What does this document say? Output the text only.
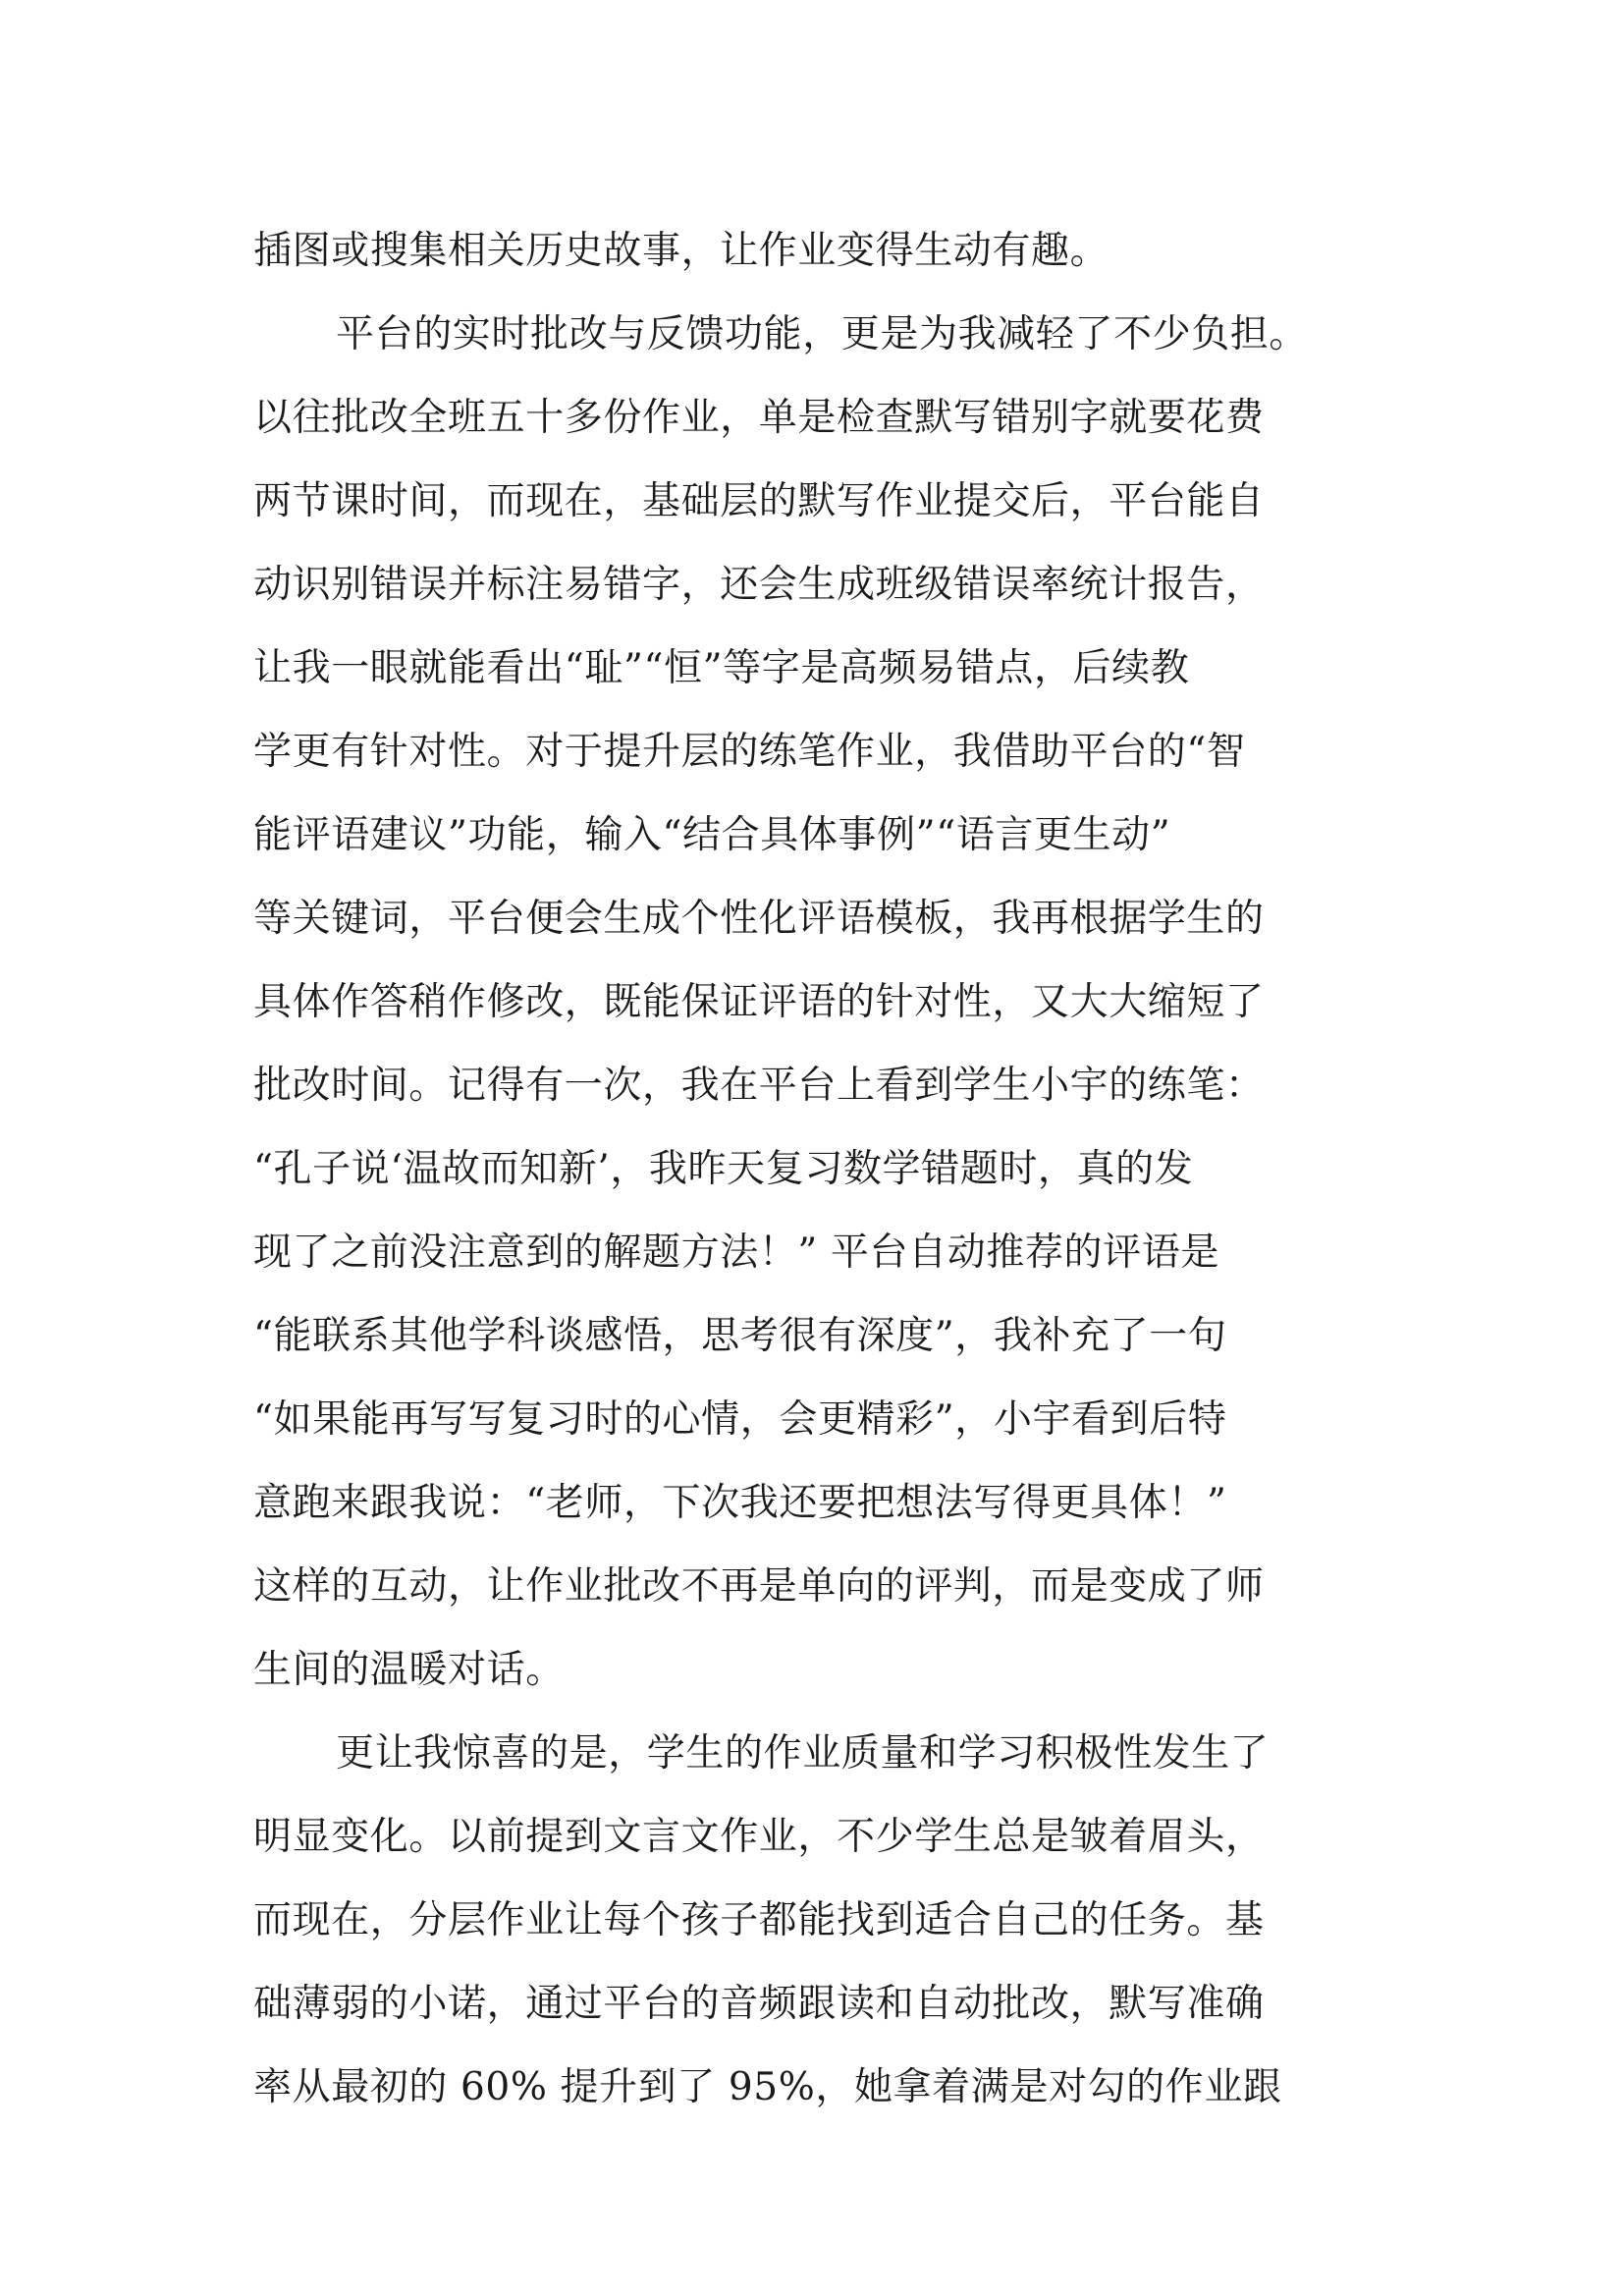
插图或搜集相关历史故事，让作业变得生动有趣。
平台的实时批改与反馈功能，更是为我减轻了不少负担。
以往批改全班五十多份作业，单是检查默写错别字就要花费
两节课时间，而现在，基础层的默写作业提交后，平台能自
动识别错误并标注易错字，还会生成班级错误率统计报告，
让我一眼就能看出“耻”“恒”等字是高频易错点，后续教
学更有针对性。对于提升层的练笔作业，我借助平台的“智
能评语建议”功能，输入“结合具体事例”“语言更生动”
等关键词，平台便会生成个性化评语模板，我再根据学生的
具体作答稍作修改，既能保证评语的针对性，又大大缩短了
批改时间。记得有一次，我在平台上看到学生小宇的练笔：
“孔子说‘温故而知新’，我昨天复习数学错题时，真的发
现了之前没注意到的解题方法！” 平台自动推荐的评语是
“能联系其他学科谈感悟，思考很有深度”，我补充了一句
“如果能再写写复习时的心情，会更精彩”，小宇看到后特
意跑来跟我说：“老师，下次我还要把想法写得更具体！”
这样的互动，让作业批改不再是单向的评判，而是变成了师
生间的温暖对话。
更让我惊喜的是，学生的作业质量和学习积极性发生了
明显变化。以前提到文言文作业，不少学生总是皱着眉头，
而现在，分层作业让每个孩子都能找到适合自己的任务。基
础薄弱的小诺，通过平台的音频跟读和自动批改，默写准确
率从最初的 60% 提升到了 95%，她拿着满是对勾的作业跟
